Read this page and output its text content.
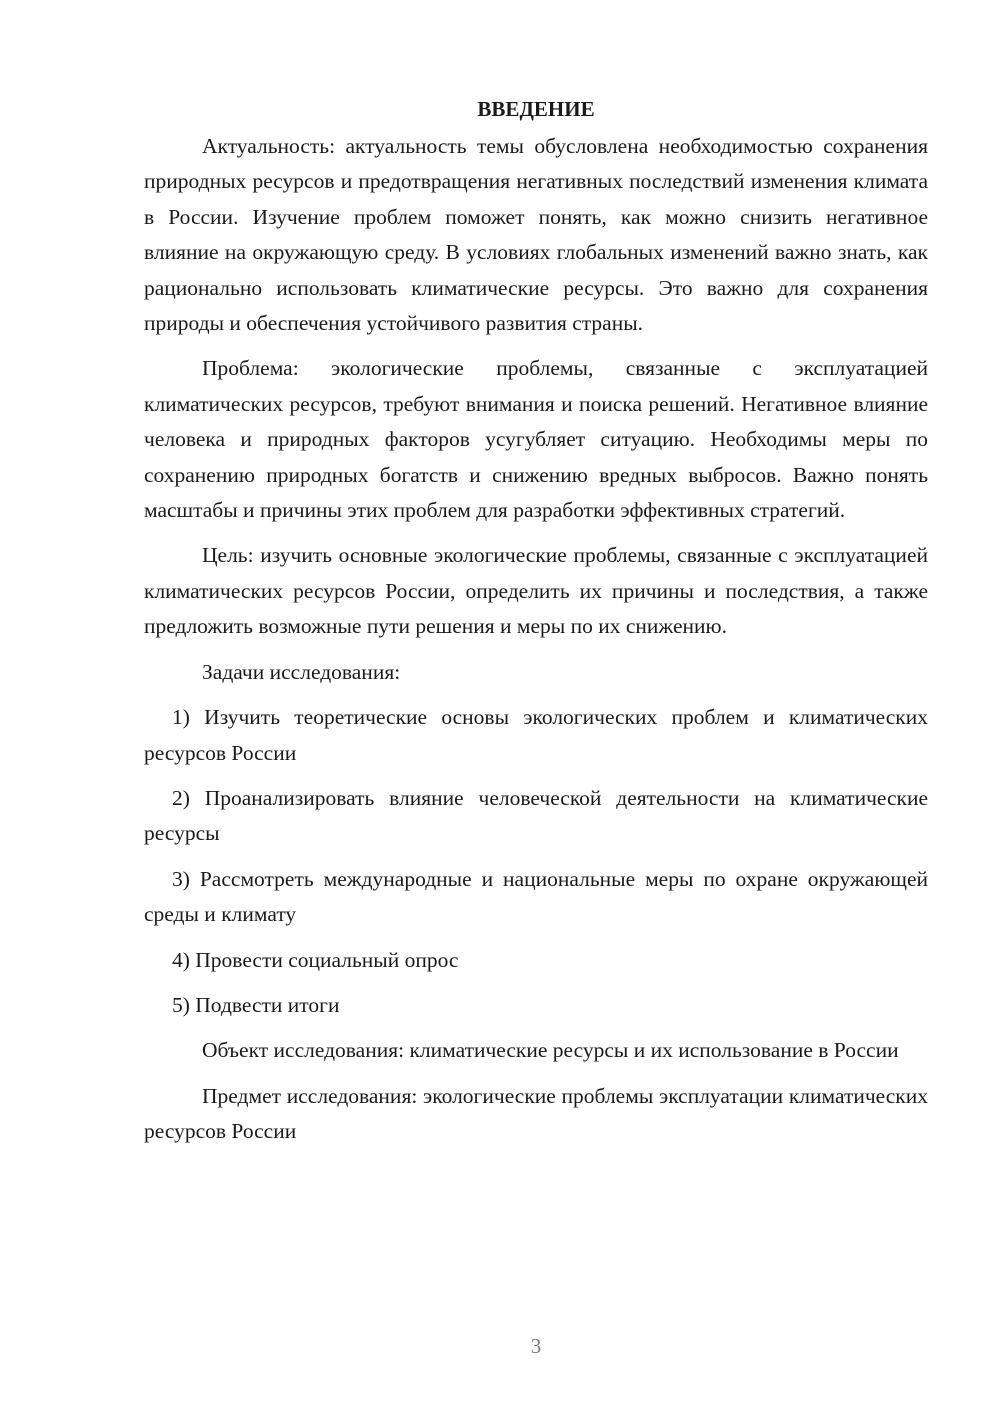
ВВЕДЕНИЕ

Актуальность: актуальность темы обусловлена необходимостью сохранения природных ресурсов и предотвращения негативных последствий изменения климата в России. Изучение проблем поможет понять, как можно снизить негативное влияние на окружающую среду. В условиях глобальных изменений важно знать, как рационально использовать климатические ресурсы. Это важно для сохранения природы и обеспечения устойчивого развития страны.

Проблема: экологические проблемы, связанные с эксплуатацией климатических ресурсов, требуют внимания и поиска решений. Негативное влияние человека и природных факторов усугубляет ситуацию. Необходимы меры по сохранению природных богатств и снижению вредных выбросов. Важно понять масштабы и причины этих проблем для разработки эффективных стратегий.

Цель: изучить основные экологические проблемы, связанные с эксплуатацией климатических ресурсов России, определить их причины и последствия, а также предложить возможные пути решения и меры по их снижению.

Задачи исследования:

1) Изучить теоретические основы экологических проблем и климатических ресурсов России

2) Проанализировать влияние человеческой деятельности на климатические ресурсы

3) Рассмотреть международные и национальные меры по охране окружающей среды и климату

4) Провести социальный опрос

5) Подвести итоги

Объект исследования: климатические ресурсы и их использование в России

Предмет исследования: экологические проблемы эксплуатации климатических ресурсов России

3
